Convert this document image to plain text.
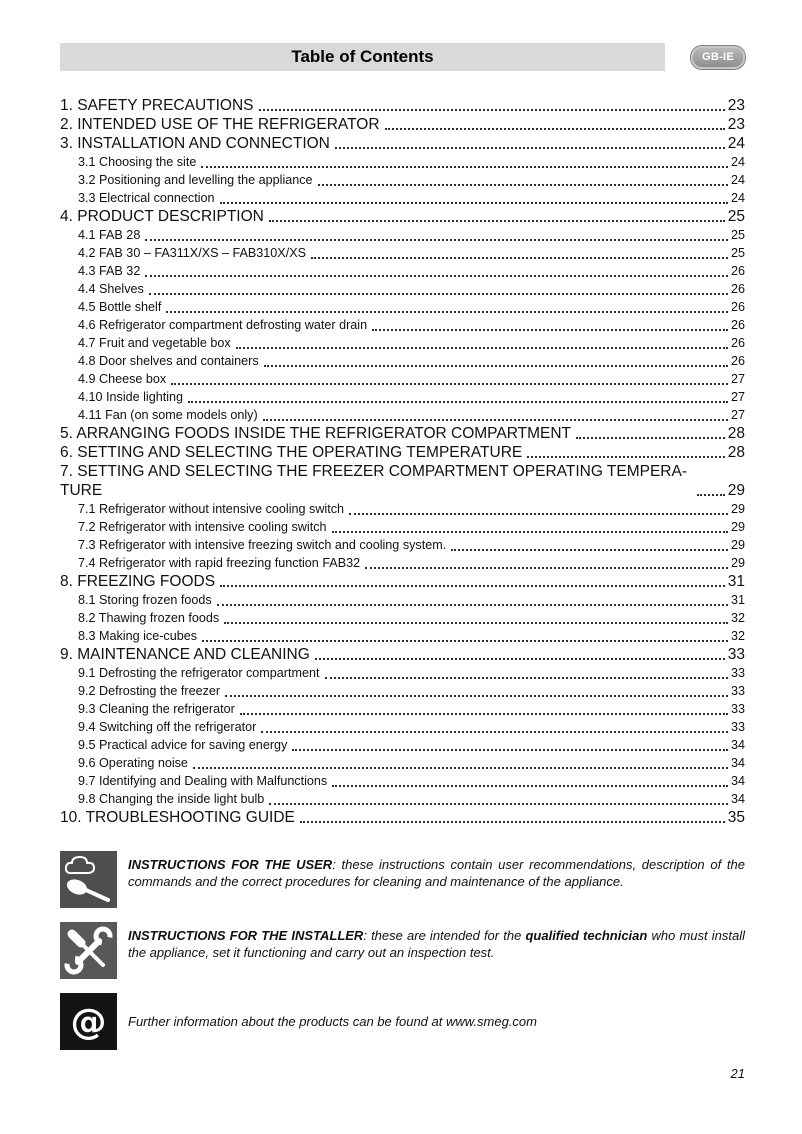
Table of Contents	GB-IE
1. SAFETY PRECAUTIONS	23
2. INTENDED USE OF THE REFRIGERATOR	23
3. INSTALLATION AND CONNECTION	24
3.1 Choosing the site	24
3.2 Positioning and levelling the appliance	24
3.3 Electrical connection	24
4. PRODUCT DESCRIPTION	25
4.1 FAB 28	25
4.2 FAB 30 – FA311X/XS – FAB310X/XS	25
4.3 FAB 32	26
4.4 Shelves	26
4.5 Bottle shelf	26
4.6 Refrigerator compartment defrosting water drain	26
4.7 Fruit and vegetable box	26
4.8 Door shelves and containers	26
4.9 Cheese box	27
4.10 Inside lighting	27
4.11 Fan (on some models only)	27
5. ARRANGING FOODS INSIDE THE REFRIGERATOR COMPARTMENT	28
6. SETTING AND SELECTING THE OPERATING TEMPERATURE	28
7. SETTING AND SELECTING THE FREEZER COMPARTMENT OPERATING TEMPERATURE	29
7.1 Refrigerator without intensive cooling switch	29
7.2 Refrigerator with intensive cooling switch	29
7.3 Refrigerator with intensive freezing switch and cooling system.	29
7.4 Refrigerator with rapid freezing function FAB32	29
8. FREEZING FOODS	31
8.1 Storing frozen foods	31
8.2 Thawing frozen foods	32
8.3 Making ice-cubes	32
9. MAINTENANCE AND CLEANING	33
9.1 Defrosting the refrigerator compartment	33
9.2 Defrosting the freezer	33
9.3 Cleaning the refrigerator	33
9.4 Switching off the refrigerator	33
9.5 Practical advice for saving energy	34
9.6 Operating noise	34
9.7 Identifying and Dealing with Malfunctions	34
9.8 Changing the inside light bulb	34
10. TROUBLESHOOTING GUIDE	35
INSTRUCTIONS FOR THE USER: these instructions contain user recommendations, description of the commands and the correct procedures for cleaning and maintenance of the appliance.
INSTRUCTIONS FOR THE INSTALLER: these are intended for the qualified technician who must install the appliance, set it functioning and carry out an inspection test.
@ Further information about the products can be found at www.smeg.com
21
